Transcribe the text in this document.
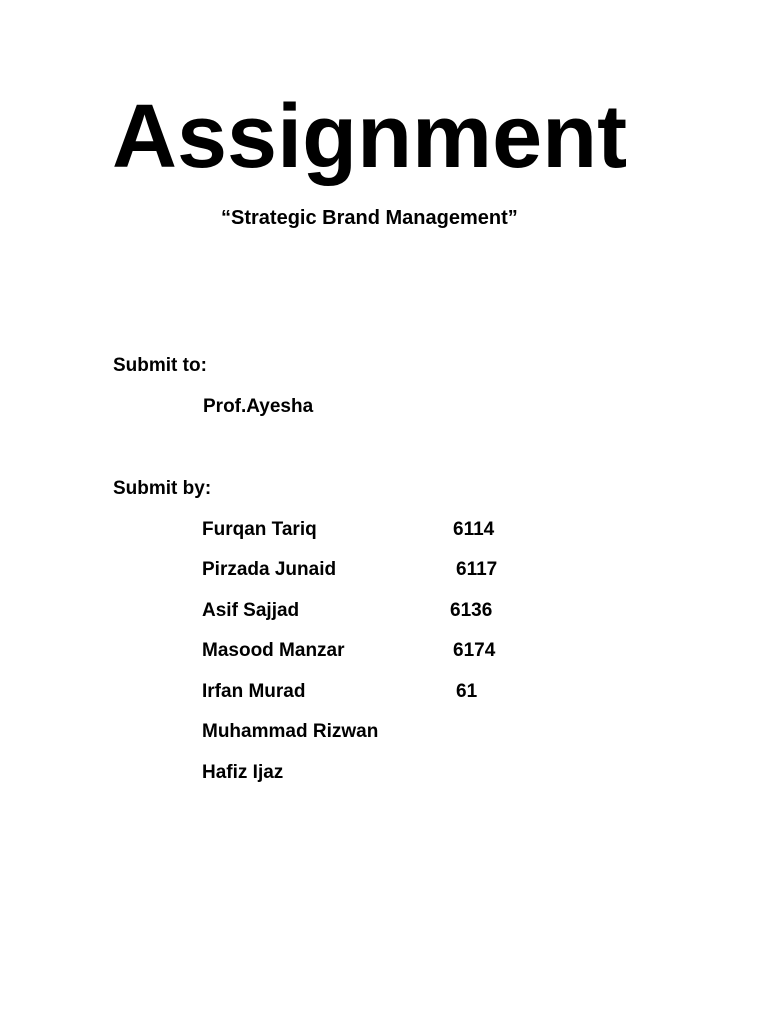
Assignment
“Strategic Brand Management”
Submit to:
Prof.Ayesha
Submit by:
Furqan Tariq	6114
Pirzada Junaid	6117
Asif Sajjad	6136
Masood Manzar	6174
Irfan Murad	61
Muhammad Rizwan
Hafiz Ijaz
